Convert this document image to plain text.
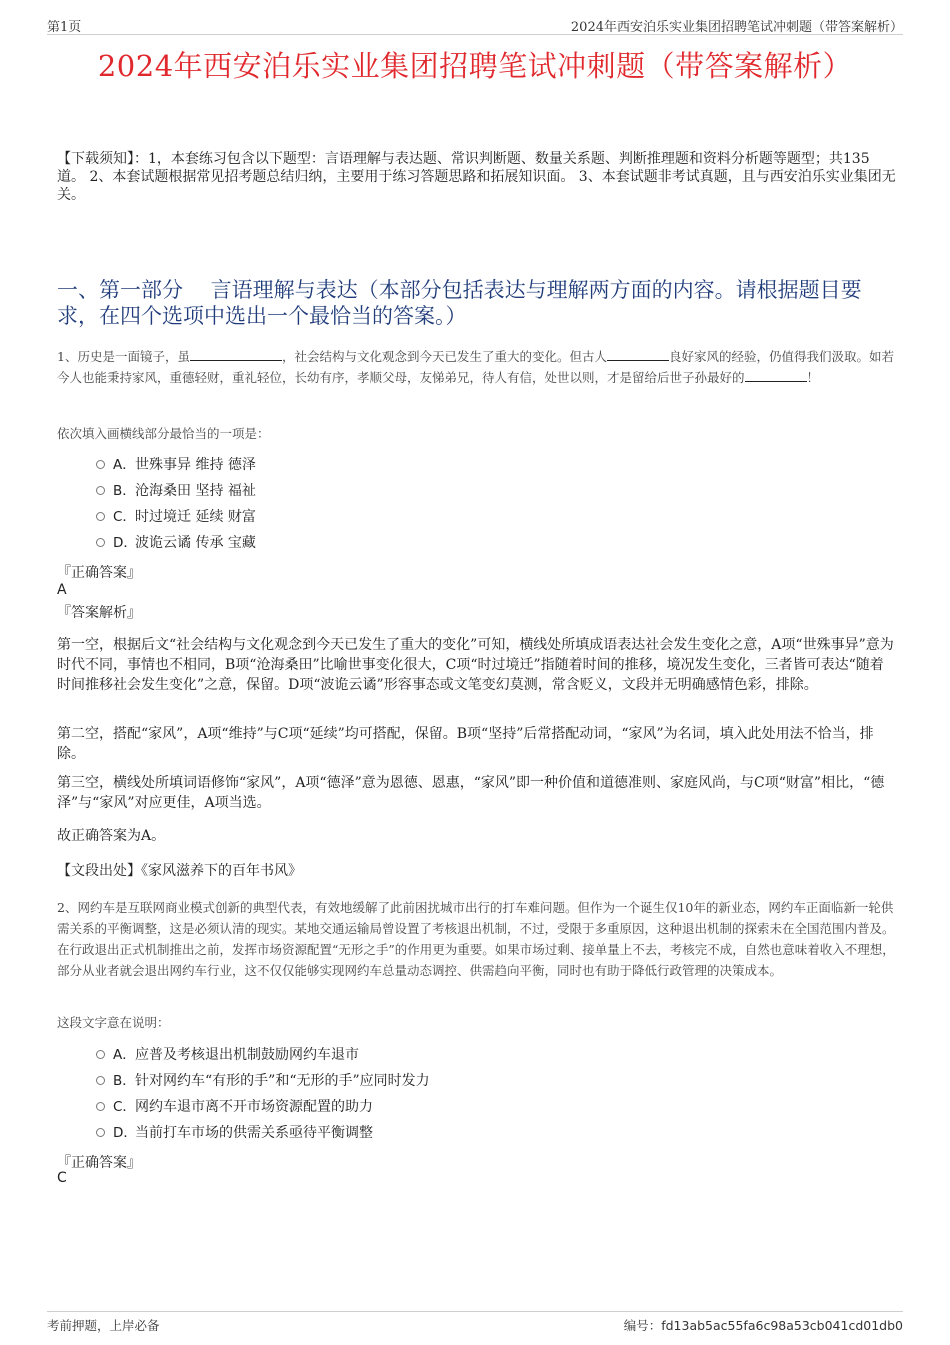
第1页	2024年西安泊乐实业集团招聘笔试冲刺题（带答案解析）
2024年西安泊乐实业集团招聘笔试冲刺题（带答案解析）
【下载须知】：1，本套练习包含以下题型：言语理解与表达题、常识判断题、数量关系题、判断推理题和资料分析题等题型；共135道。 2、本套试题根据常见招考题总结归纳，主要用于练习答题思路和拓展知识面。 3、本套试题非考试真题，且与西安泊乐实业集团无关。
一、第一部分　 言语理解与表达（本部分包括表达与理解两方面的内容。请根据题目要求，在四个选项中选出一个最恰当的答案。）
1、历史是一面镜子，虽	，社会结构与文化观念到今天已发生了重大的变化。但古人	良好家风的经验，仍值得我们汲取。如若今人也能秉持家风，重德轻财，重礼轻位，长幼有序，孝顺父母，友悌弟兄，待人有信，处世以则，才是留给后世子孙最好的	！
依次填入画横线部分最恰当的一项是：
A．世殊事异 维持 德泽
B．沧海桑田 坚持 福祉
C．时过境迁 延续 财富
D．波诡云谲 传承 宝藏
『正确答案』
A
『答案解析』
第一空，根据后文“社会结构与文化观念到今天已发生了重大的变化”可知，横线处所填成语表达社会发生变化之意，A项“世殊事异”意为时代不同，事情也不相同，B项“沧海桑田”比喻世事变化很大，C项“时过境迁”指随着时间的推移，境况发生变化，三者皆可表达“随着时间推移社会发生变化”之意，保留。D项“波诡云谲”形容事态或文笔变幻莫测，常含贬义，文段并无明确感情色彩，排除。
第二空，搭配“家风”，A项“维持”与C项“延续”均可搭配，保留。B项“坚持”后常搭配动词，“家风”为名词，填入此处用法不恰当，排除。
第三空，横线处所填词语修饰“家风”，A项“德泽”意为恩德、恩惠，“家风”即一种价值和道德准则、家庭风尚，与C项“财富”相比，“德泽”与“家风”对应更佳，A项当选。
故正确答案为A。
【文段出处】《家风滋养下的百年书风》
2、网约车是互联网商业模式创新的典型代表，有效地缓解了此前困扰城市出行的打车难问题。但作为一个诞生仅10年的新业态，网约车正面临新一轮供需关系的平衡调整，这是必须认清的现实。某地交通运输局曾设置了考核退出机制，不过，受限于多重原因，这种退出机制的探索未在全国范围内普及。在行政退出正式机制推出之前，发挥市场资源配置“无形之手”的作用更为重要。如果市场过剩、接单量上不去，考核完不成，自然也意味着收入不理想，部分从业者就会退出网约车行业，这不仅仅能够实现网约车总量动态调控、供需趋向平衡，同时也有助于降低行政管理的决策成本。
这段文字意在说明：
A．应普及考核退出机制鼓励网约车退市
B．针对网约车“有形的手”和“无形的手”应同时发力
C．网约车退市离不开市场资源配置的助力
D．当前打车市场的供需关系亟待平衡调整
『正确答案』
C
考前押题，上岸必备	编号：fd13ab5ac55fa6c98a53cb041cd01db0
